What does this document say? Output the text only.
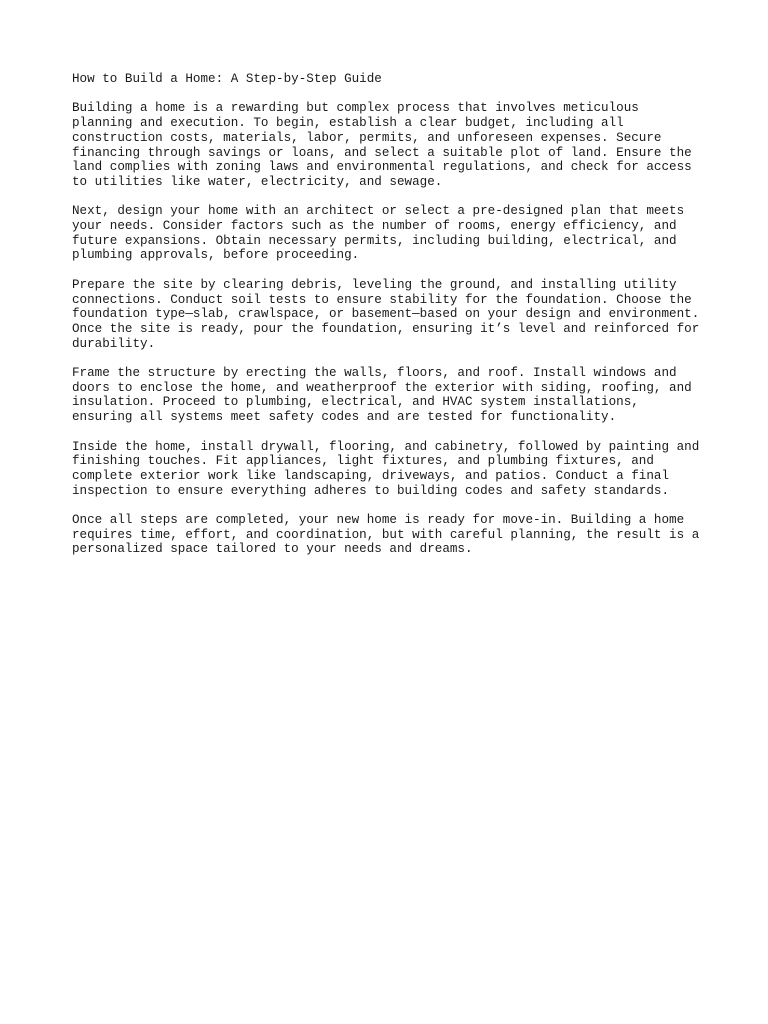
How to Build a Home: A Step-by-Step Guide
Building a home is a rewarding but complex process that involves meticulous
planning and execution. To begin, establish a clear budget, including all
construction costs, materials, labor, permits, and unforeseen expenses. Secure
financing through savings or loans, and select a suitable plot of land. Ensure the
land complies with zoning laws and environmental regulations, and check for access
to utilities like water, electricity, and sewage.
Next, design your home with an architect or select a pre-designed plan that meets
your needs. Consider factors such as the number of rooms, energy efficiency, and
future expansions. Obtain necessary permits, including building, electrical, and
plumbing approvals, before proceeding.
Prepare the site by clearing debris, leveling the ground, and installing utility
connections. Conduct soil tests to ensure stability for the foundation. Choose the
foundation type—slab, crawlspace, or basement—based on your design and environment.
Once the site is ready, pour the foundation, ensuring it’s level and reinforced for
durability.
Frame the structure by erecting the walls, floors, and roof. Install windows and
doors to enclose the home, and weatherproof the exterior with siding, roofing, and
insulation. Proceed to plumbing, electrical, and HVAC system installations,
ensuring all systems meet safety codes and are tested for functionality.
Inside the home, install drywall, flooring, and cabinetry, followed by painting and
finishing touches. Fit appliances, light fixtures, and plumbing fixtures, and
complete exterior work like landscaping, driveways, and patios. Conduct a final
inspection to ensure everything adheres to building codes and safety standards.
Once all steps are completed, your new home is ready for move-in. Building a home
requires time, effort, and coordination, but with careful planning, the result is a
personalized space tailored to your needs and dreams.
